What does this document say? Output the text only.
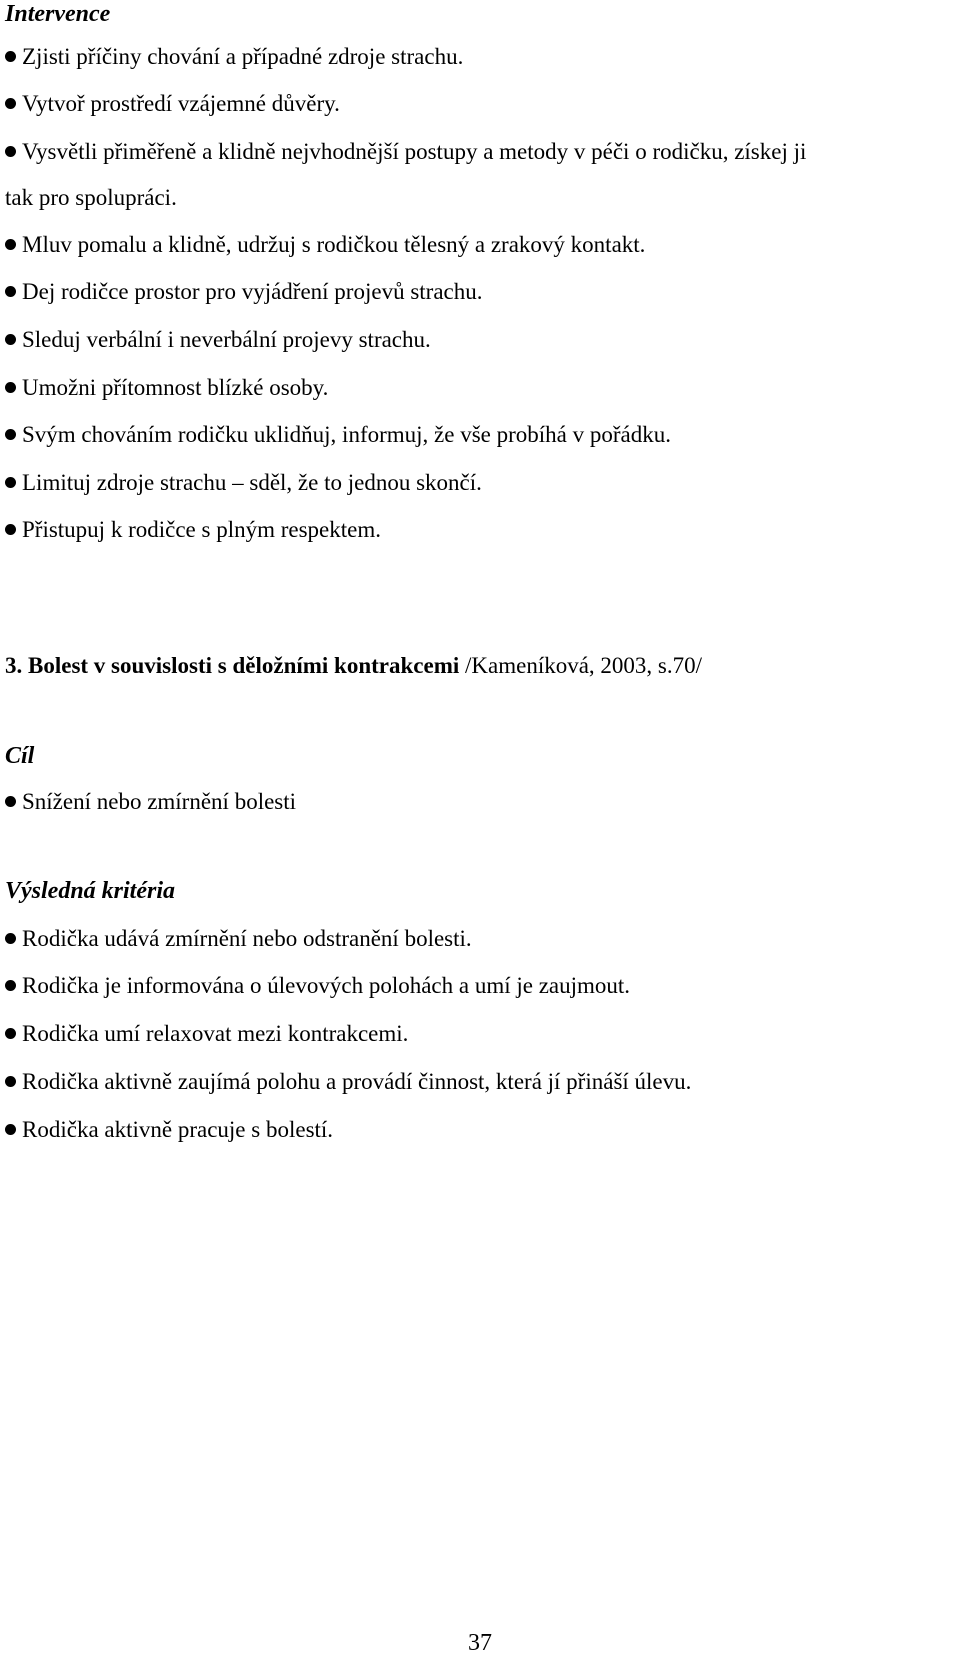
Intervence

Zjisti příčiny chování a případné zdroje strachu.

Vytvoř prostředí vzájemné důvěry.

Vysvětli přiměřeně a klidně nejvhodnější postupy a metody v péči o rodičku, získej ji

tak pro spolupráci.

Mluv pomalu a klidně, udržuj s rodičkou tělesný a zrakový kontakt.

Dej rodičce prostor pro vyjádření projevů strachu.

Sleduj verbální i neverbální projevy strachu.

Umožni přítomnost blízké osoby.

Svým chováním rodičku uklidňuj, informuj, že vše probíhá v pořádku.

Limituj zdroje strachu – sděl, že to jednou skončí.

Přistupuj k rodičce s plným respektem.

3. Bolest v souvislosti s děložními kontrakcemi /Kameníková, 2003, s.70/

Cíl

Snížení nebo zmírnění bolesti

Výsledná kritéria

Rodička udává zmírnění nebo odstranění bolesti.

Rodička je informována o úlevových polohách a umí je zaujmout.

Rodička umí relaxovat mezi kontrakcemi.

Rodička aktivně zaujímá polohu a provádí činnost, která jí přináší úlevu.

Rodička aktivně pracuje s bolestí.

37
